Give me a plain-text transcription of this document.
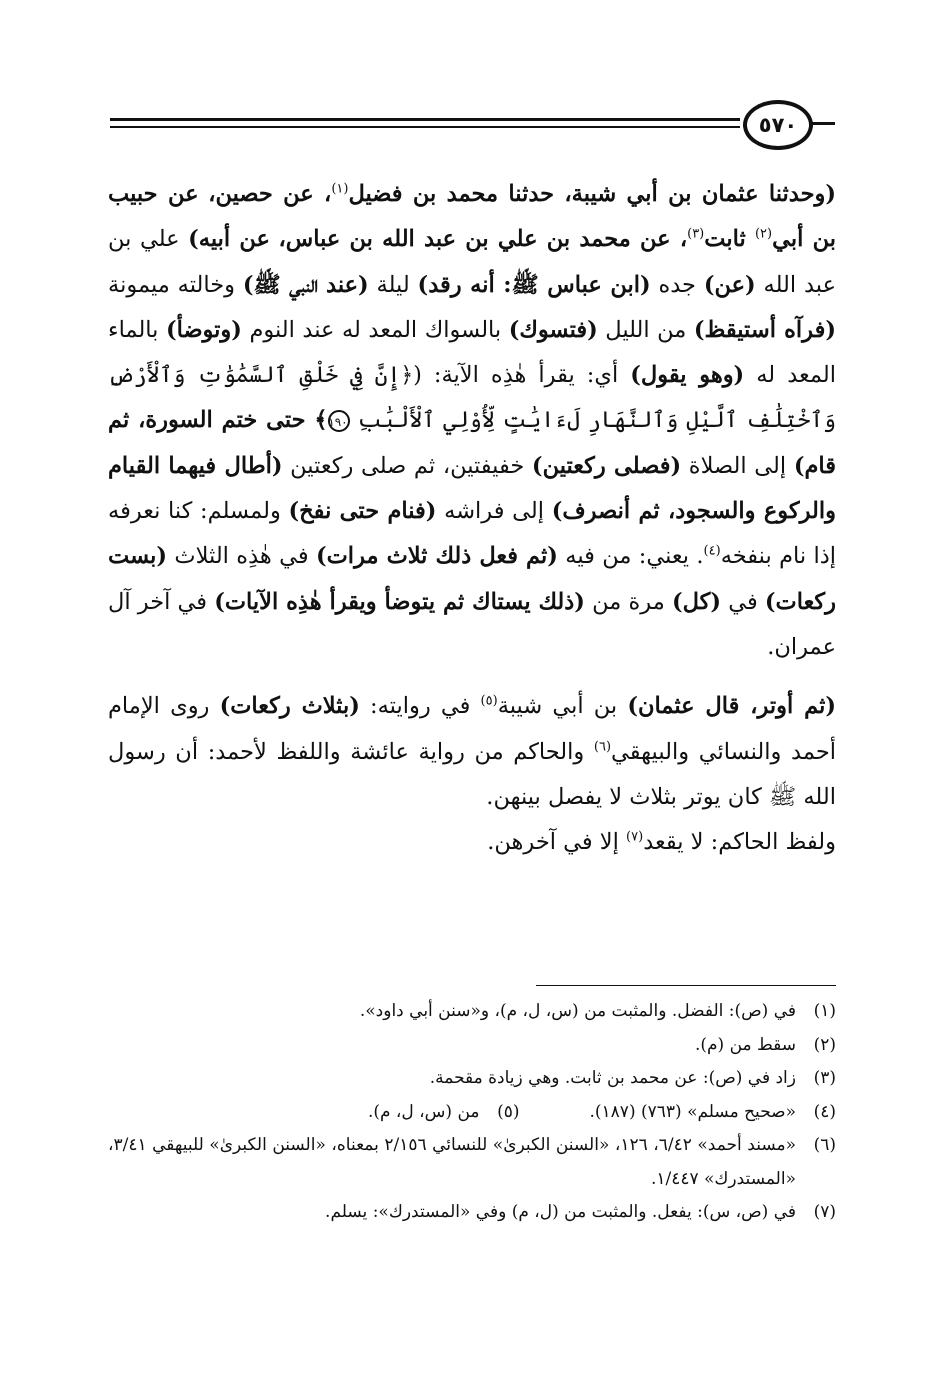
٥٧٠

(وحدثنا عثمان بن أبي شيبة، حدثنا محمد بن فضيل$^{(١)}$، عن حصين، عن حبيب بن أبي$^{(٢)}$ ثابت$^{(٣)}$، عن محمد بن علي بن عبد الله بن عباس، عن أبيه) علي بن عبد الله (عن) جده (ابن عباس ﷺ: أنه رقد) ليلة (عند النبي ﷺ) وخالته ميمونة (فرآه أستيقظ) من الليل (فتسوك) بالسواك المعد له عند النوم (وتوضأ) بالماء المعد له (وهو يقول) أي: يقرأ هٰذِه الآية: (﴿إِنَّ فِي خَلْقِ ٱلسَّمَٰوَٰتِ وَٱلْأَرْضِ وَٱخْتِلَٰفِ ٱلَّيْلِ وَٱلنَّهَارِ لَءَايَٰتٍ لِّأُوْلِي ٱلْأَلْبَٰبِ ١٩٠﴾ حتى ختم السورة، ثم قام) إلى الصلاة (فصلى ركعتين) خفيفتين، ثم صلى ركعتين (أطال فيهما القيام والركوع والسجود، ثم أنصرف) إلى فراشه (فنام حتى نفخ) ولمسلم: كنا نعرفه إذا نام بنفخه$^{(٤)}$. يعني: من فيه (ثم فعل ذلك ثلاث مرات) في هٰذِه الثلاث (بست ركعات) في (كل) مرة من (ذلك يستاك ثم يتوضأ ويقرأ هٰذِه الآيات) في آخر آل عمران.

(ثم أوتر، قال عثمان) بن أبي شيبة$^{(٥)}$ في روايته: (بثلاث ركعات) روى الإمام أحمد والنسائي والبيهقي$^{(٦)}$ والحاكم من رواية عائشة واللفظ لأحمد: أن رسول الله ﷺ كان يوتر بثلاث لا يفصل بينهن.
ولفظ الحاكم: لا يقعد$^{(٧)}$ إلا في آخرهن.

(١)
في (ص): الفضل. والمثبت من (س، ل، م)، و«سنن أبي داود».
(٢)
سقط من (م).
(٣)
زاد في (ص): عن محمد بن ثابت. وهي زيادة مقحمة.
(٤)
«صحيح مسلم» (٧٦٣) (١٨٧).
(٥)
من (س، ل، م).
(٦)
«مسند أحمد» ٦/٤٢، ١٢٦، «السنن الكبرىٰ» للنسائي ٢/١٥٦ بمعناه، «السنن الكبرىٰ» للبيهقي ٣/٤١، «المستدرك» ١/٤٤٧.
(٧)
في (ص، س): يفعل. والمثبت من (ل، م) وفي «المستدرك»: يسلم.
